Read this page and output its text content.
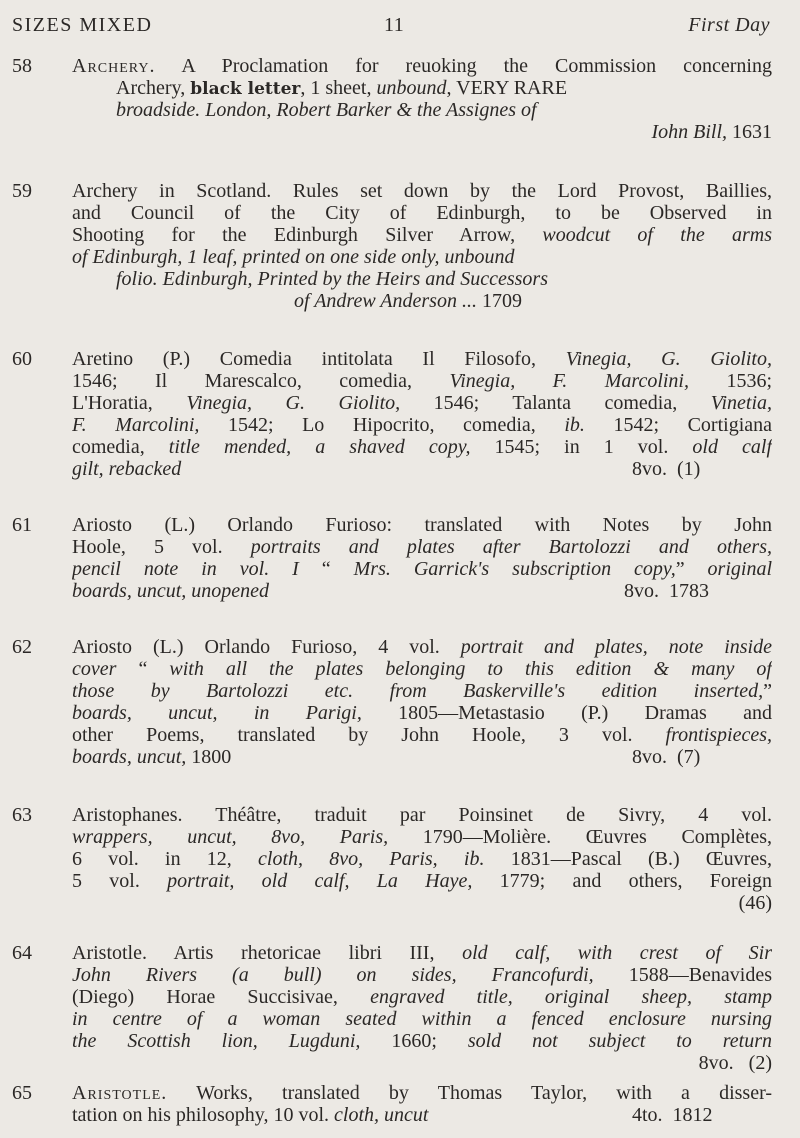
SIZES MIXED	11	First Day
58 Archery. A Proclamation for reuoking the Commission concerning
Archery, black letter, 1 sheet, unbound, VERY RARE
broadside. London, Robert Barker & the Assignes of
Iohn Bill, 1631
59 Archery in Scotland. Rules set down by the Lord Provost, Baillies,
and Council of the City of Edinburgh, to be Observed in
Shooting for the Edinburgh Silver Arrow, woodcut of the arms
of Edinburgh, 1 leaf, printed on one side only, unbound
folio. Edinburgh, Printed by the Heirs and Successors
of Andrew Anderson ... 1709
60 Aretino (P.) Comedia intitolata Il Filosofo, Vinegia, G. Giolito,
1546; Il Marescalco, comedia, Vinegia, F. Marcolini, 1536;
L'Horatia, Vinegia, G. Giolito, 1546; Talanta comedia, Vinetia,
F. Marcolini, 1542; Lo Hipocrito, comedia, ib. 1542; Cortigiana
comedia, title mended, a shaved copy, 1545; in 1 vol. old calf
gilt, rebacked	8vo.  (1)
61 Ariosto (L.) Orlando Furioso: translated with Notes by John
Hoole, 5 vol. portraits and plates after Bartolozzi and others,
pencil note in vol. I “ Mrs. Garrick's subscription copy,” original
boards, uncut, unopened	8vo.  1783
62 Ariosto (L.) Orlando Furioso, 4 vol. portrait and plates, note inside
cover “ with all the plates belonging to this edition & many of
those by Bartolozzi etc. from Baskerville's edition inserted,”
boards, uncut, in Parigi, 1805—Metastasio (P.) Dramas and
other Poems, translated by John Hoole, 3 vol. frontispieces,
boards, uncut, 1800	8vo.  (7)
63 Aristophanes. Théâtre, traduit par Poinsinet de Sivry, 4 vol.
wrappers, uncut, 8vo, Paris, 1790—Molière. Œuvres Complètes,
6 vol. in 12, cloth, 8vo, Paris, ib. 1831—Pascal (B.) Œuvres,
5 vol. portrait, old calf, La Haye, 1779; and others, Foreign
(46)
64 Aristotle. Artis rhetoricae libri III, old calf, with crest of Sir
John Rivers (a bull) on sides, Francofurdi, 1588—Benavides
(Diego) Horae Succisivae, engraved title, original sheep, stamp
in centre of a woman seated within a fenced enclosure nursing
the Scottish lion, Lugduni, 1660; sold not subject to return
8vo.   (2)
65 Aristotle. Works, translated by Thomas Taylor, with a disser-
tation on his philosophy, 10 vol. cloth, uncut	4to.  1812
